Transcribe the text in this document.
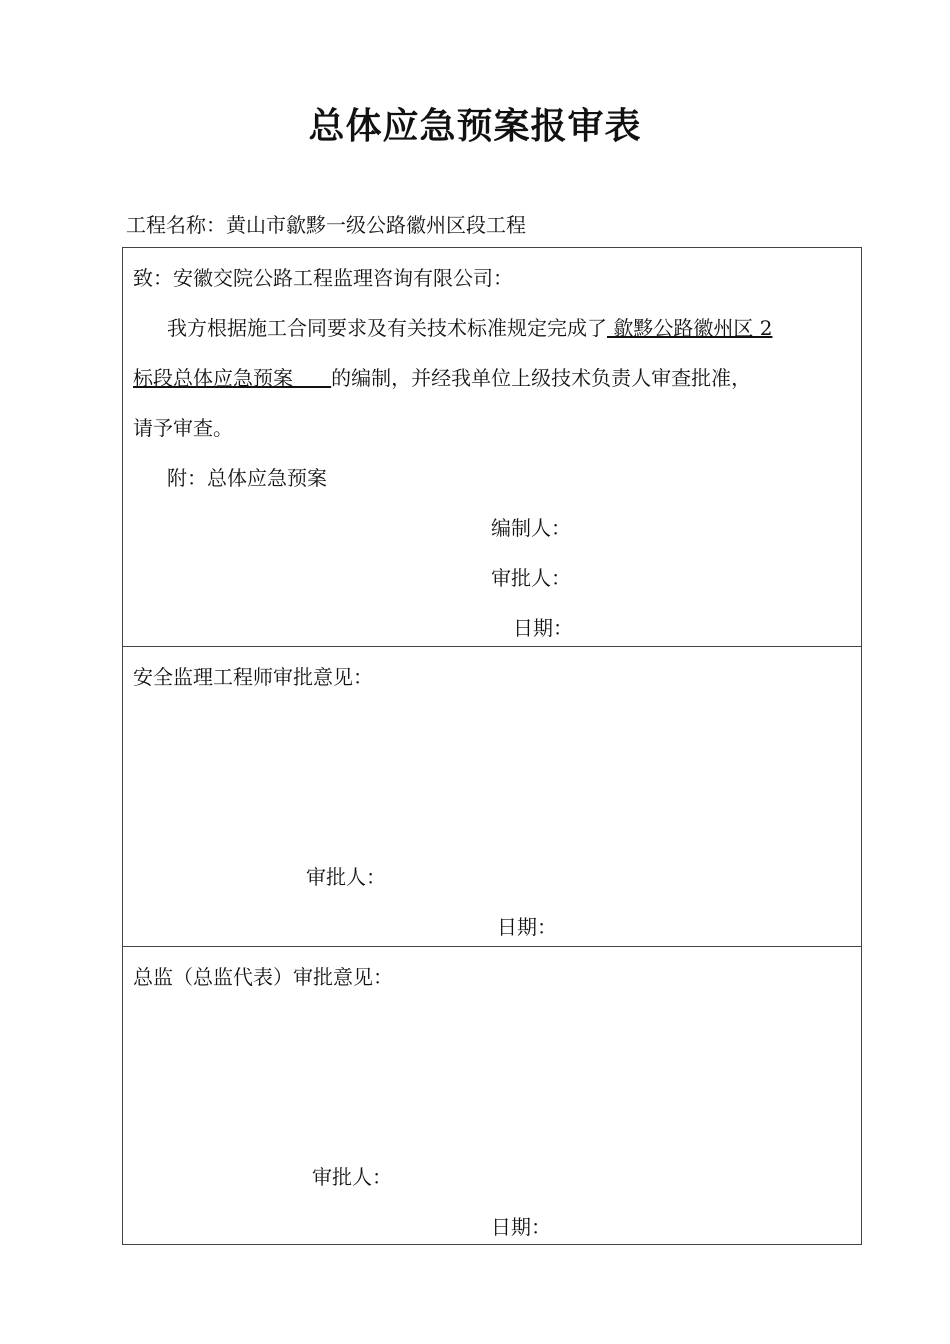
总体应急预案报审表
工程名称：黄山市歙黟一级公路徽州区段工程
致：安徽交院公路工程监理咨询有限公司：
我方根据施工合同要求及有关技术标准规定完成了 歙黟公路徽州区 2
标段总体应急预案      的编制，并经我单位上级技术负责人审查批准，
请予审查。
附：总体应急预案
编制人：
审批人：
日期：
安全监理工程师审批意见：
审批人：
日期：
总监（总监代表）审批意见：
审批人：
日期：
